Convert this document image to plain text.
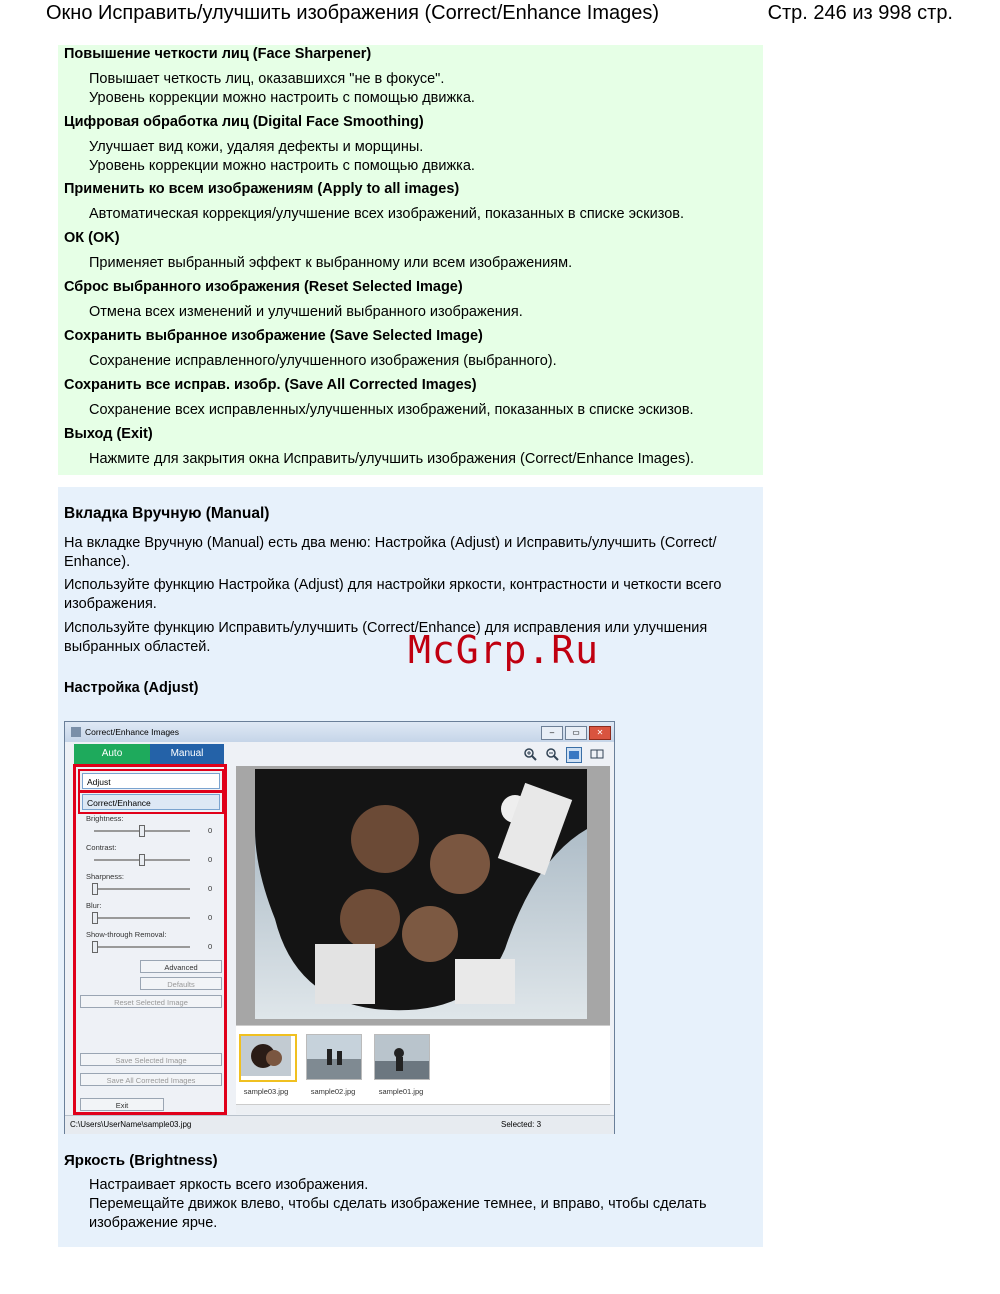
Окно Исправить/улучшить изображения (Correct/Enhance Images)	Стр. 246 из 998 стр.
Повышение четкости лиц (Face Sharpener)
Повышает четкость лиц, оказавшихся "не в фокусе".
Уровень коррекции можно настроить с помощью движка.
Цифровая обработка лиц (Digital Face Smoothing)
Улучшает вид кожи, удаляя дефекты и морщины.
Уровень коррекции можно настроить с помощью движка.
Применить ко всем изображениям (Apply to all images)
Автоматическая коррекция/улучшение всех изображений, показанных в списке эскизов.
ОК (OK)
Применяет выбранный эффект к выбранному или всем изображениям.
Сброс выбранного изображения (Reset Selected Image)
Отмена всех изменений и улучшений выбранного изображения.
Сохранить выбранное изображение (Save Selected Image)
Сохранение исправленного/улучшенного изображения (выбранного).
Сохранить все исправ. изобр. (Save All Corrected Images)
Сохранение всех исправленных/улучшенных изображений, показанных в списке эскизов.
Выход (Exit)
Нажмите для закрытия окна Исправить/улучшить изображения (Correct/Enhance Images).
Вкладка Вручную (Manual)
На вкладке Вручную (Manual) есть два меню: Настройка (Adjust) и Исправить/улучшить (Correct/ Enhance).
Используйте функцию Настройка (Adjust) для настройки яркости, контрастности и четкости всего изображения.
Используйте функцию Исправить/улучшить (Correct/Enhance) для исправления или улучшения выбранных областей.	McGrp.Ru
Настройка (Adjust)
Correct/Enhance Images	–	▭	✕
Auto	Manual
Adjust
Correct/Enhance
Brightness:
0
Contrast:
0
Sharpness:
0
Blur:
0
Show-through Removal:
0
Advanced
Defaults
Reset Selected Image
Save Selected Image
Save All Corrected Images
Exit
sample03.jpg	sample02.jpg	sample01.jpg
C:\Users\UserName\sample03.jpg	Selected: 3
Яркость (Brightness)
Настраивает яркость всего изображения.
Перемещайте движок влево, чтобы сделать изображение темнее, и вправо, чтобы сделать
изображение ярче.
